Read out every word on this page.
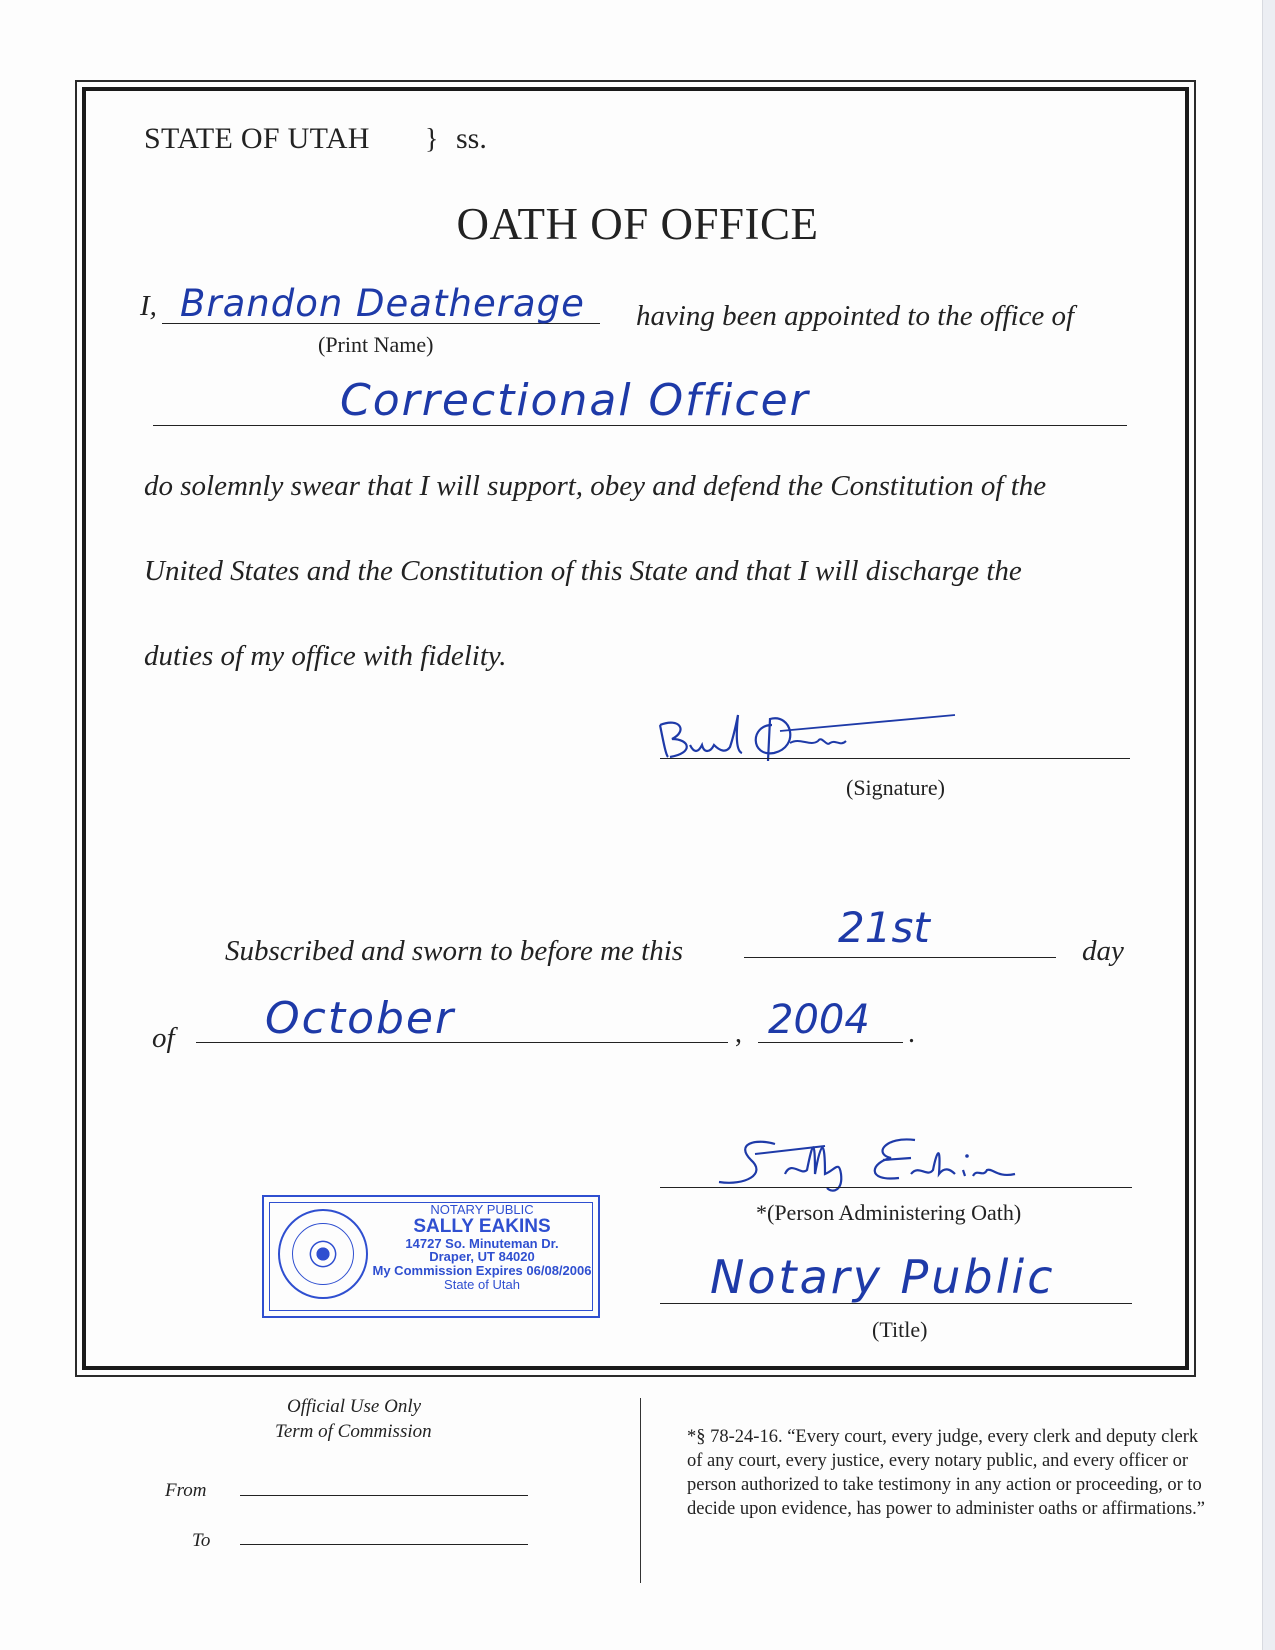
STATE OF UTAH } ss.
OATH OF OFFICE
I, Brandon Deatherage
(Print Name)
having been appointed to the office of
Correctional Officer
do solemnly swear that I will support, obey and defend the Constitution of the
United States and the Constitution of this State and that I will discharge the
duties of my office with fidelity.
(Signature)
Subscribed and sworn to before me this	21st	day
of October	, 2004 .
*(Person Administering Oath)
NOTARY PUBLIC
SALLY EAKINS
14727 So. Minuteman Dr.
Draper, UT 84020
My Commission Expires 06/08/2006
State of Utah	Notary Public
(Title)
Official Use Only
Term of Commission
From
To
*§ 78-24-16. “Every court, every judge, every clerk and deputy clerk of any court, every justice, every notary public, and every officer or person authorized to take testimony in any action or proceeding, or to decide upon evidence, has power to administer oaths or affirmations.”
